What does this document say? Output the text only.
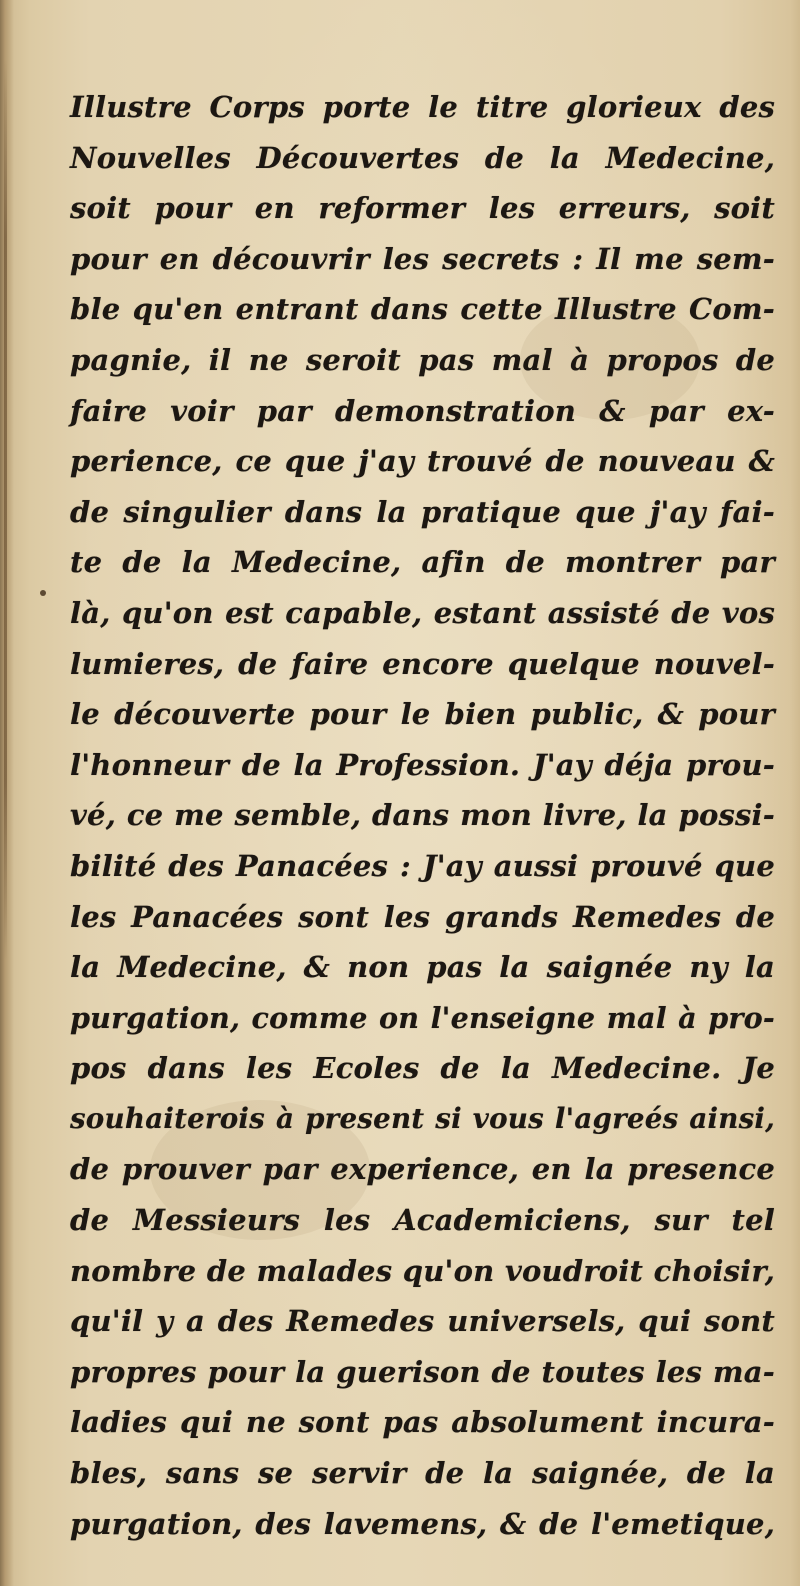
Illustre Corps porte le titre glorieux des
Nouvelles Découvertes de la Medecine,
soit pour en reformer les erreurs, soit
pour en découvrir les secrets : Il me sem-
ble qu'en entrant dans cette Illustre Com-
pagnie, il ne seroit pas mal à propos de
faire voir par demonstration & par ex-
perience, ce que j'ay trouvé de nouveau &
de singulier dans la pratique que j'ay fai-
te de la Medecine, afin de montrer par
là, qu'on est capable, estant assisté de vos
lumieres, de faire encore quelque nouvel-
le découverte pour le bien public, & pour
l'honneur de la Profession. J'ay déja prou-
vé, ce me semble, dans mon livre, la possi-
bilité des Panacées : J'ay aussi prouvé que
les Panacées sont les grands Remedes de
la Medecine, & non pas la saignée ny la
purgation, comme on l'enseigne mal à pro-
pos dans les Ecoles de la Medecine. Je
souhaiterois à present si vous l'agreés ainsi,
de prouver par experience, en la presence
de Messieurs les Academiciens, sur tel
nombre de malades qu'on voudroit choisir,
qu'il y a des Remedes universels, qui sont
propres pour la guerison de toutes les ma-
ladies qui ne sont pas absolument incura-
bles, sans se servir de la saignée, de la
purgation, des lavemens, & de l'emetique,
